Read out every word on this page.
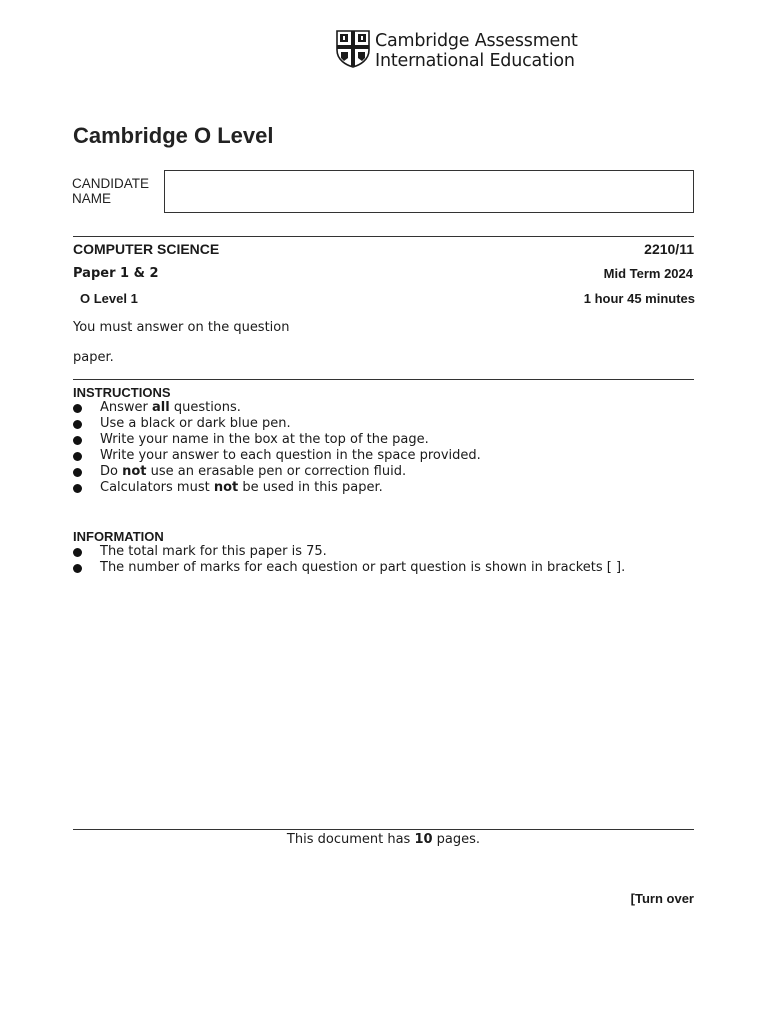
Cambridge Assessment
International Education
Cambridge O Level
CANDIDATE
NAME
COMPUTER SCIENCE	2210/11
Paper 1 & 2	Mid Term 2024
O Level 1	1 hour 45 minutes
You must answer on the question
paper.
INSTRUCTIONS
Answer all questions.
Use a black or dark blue pen.
Write your name in the box at the top of the page.
Write your answer to each question in the space provided.
Do not use an erasable pen or correction fluid.
Calculators must not be used in this paper.
INFORMATION
The total mark for this paper is 75.
The number of marks for each question or part question is shown in brackets [ ].
This document has 10 pages.
[Turn over
